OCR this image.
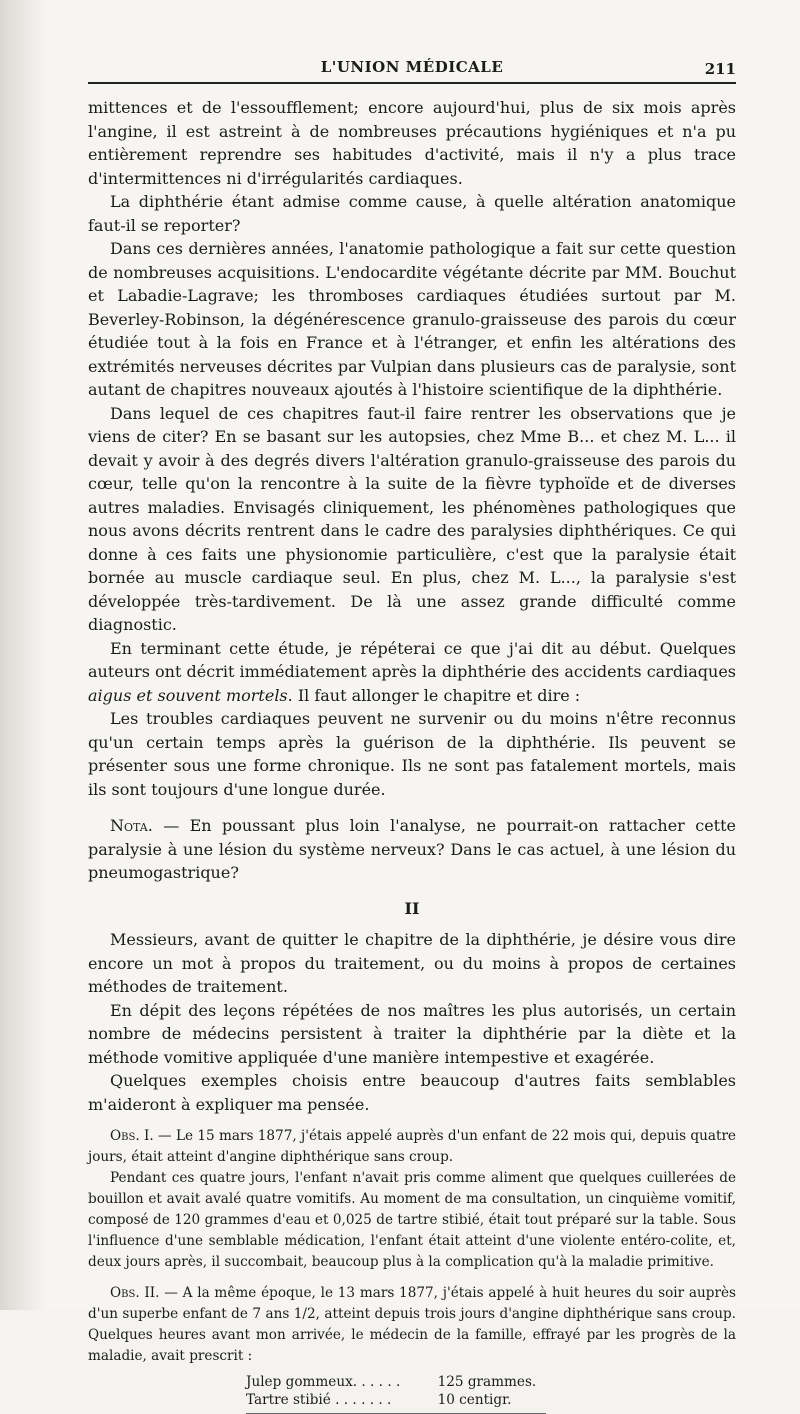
L'UNION MÉDICALE	211

mittences et de l'essoufflement; encore aujourd'hui, plus de six mois après l'angine, il est astreint à de nombreuses précautions hygiéniques et n'a pu entièrement reprendre ses habitudes d'activité, mais il n'y a plus trace d'intermittences ni d'irrégularités cardiaques.

La diphthérie étant admise comme cause, à quelle altération anatomique faut-il se reporter?

Dans ces dernières années, l'anatomie pathologique a fait sur cette question de nombreuses acquisitions. L'endocardite végétante décrite par MM. Bouchut et Labadie-Lagrave; les thromboses cardiaques étudiées surtout par M. Beverley-Robinson, la dégénérescence granulo-graisseuse des parois du cœur étudiée tout à la fois en France et à l'étranger, et enfin les altérations des extrémités nerveuses décrites par Vulpian dans plusieurs cas de paralysie, sont autant de chapitres nouveaux ajoutés à l'histoire scientifique de la diphthérie.

Dans lequel de ces chapitres faut-il faire rentrer les observations que je viens de citer? En se basant sur les autopsies, chez Mme B... et chez M. L... il devait y avoir à des degrés divers l'altération granulo-graisseuse des parois du cœur, telle qu'on la rencontre à la suite de la fièvre typhoïde et de diverses autres maladies. Envisagés cliniquement, les phénomènes pathologiques que nous avons décrits rentrent dans le cadre des paralysies diphthériques. Ce qui donne à ces faits une physionomie particulière, c'est que la paralysie était bornée au muscle cardiaque seul. En plus, chez M. L..., la paralysie s'est développée très-tardivement. De là une assez grande difficulté comme diagnostic.

En terminant cette étude, je répéterai ce que j'ai dit au début. Quelques auteurs ont décrit immédiatement après la diphthérie des accidents cardiaques aigus et souvent mortels. Il faut allonger le chapitre et dire :

Les troubles cardiaques peuvent ne survenir ou du moins n'être reconnus qu'un certain temps après la guérison de la diphthérie. Ils peuvent se présenter sous une forme chronique. Ils ne sont pas fatalement mortels, mais ils sont toujours d'une longue durée.

Nota. — En poussant plus loin l'analyse, ne pourrait-on rattacher cette paralysie à une lésion du système nerveux? Dans le cas actuel, à une lésion du pneumogastrique?

II

Messieurs, avant de quitter le chapitre de la diphthérie, je désire vous dire encore un mot à propos du traitement, ou du moins à propos de certaines méthodes de traitement.

En dépit des leçons répétées de nos maîtres les plus autorisés, un certain nombre de médecins persistent à traiter la diphthérie par la diète et la méthode vomitive appliquée d'une manière intempestive et exagérée.

Quelques exemples choisis entre beaucoup d'autres faits semblables m'aideront à expliquer ma pensée.

Obs. I. — Le 15 mars 1877, j'étais appelé auprès d'un enfant de 22 mois qui, depuis quatre jours, était atteint d'angine diphthérique sans croup.

Pendant ces quatre jours, l'enfant n'avait pris comme aliment que quelques cuillerées de bouillon et avait avalé quatre vomitifs. Au moment de ma consultation, un cinquième vomitif, composé de 120 grammes d'eau et 0,025 de tartre stibié, était tout préparé sur la table. Sous l'influence d'une semblable médication, l'enfant était atteint d'une violente entéro-colite, et, deux jours après, il succombait, beaucoup plus à la complication qu'à la maladie primitive.

Obs. II. — A la même époque, le 13 mars 1877, j'étais appelé à huit heures du soir auprès d'un superbe enfant de 7 ans 1/2, atteint depuis trois jours d'angine diphthérique sans croup. Quelques heures avant mon arrivée, le médecin de la famille, effrayé par les progrès de la maladie, avait prescrit :

Julep gommeux. . . . . .	125 grammes.
Tartre stibié . . . . . . .	10 centigr.
